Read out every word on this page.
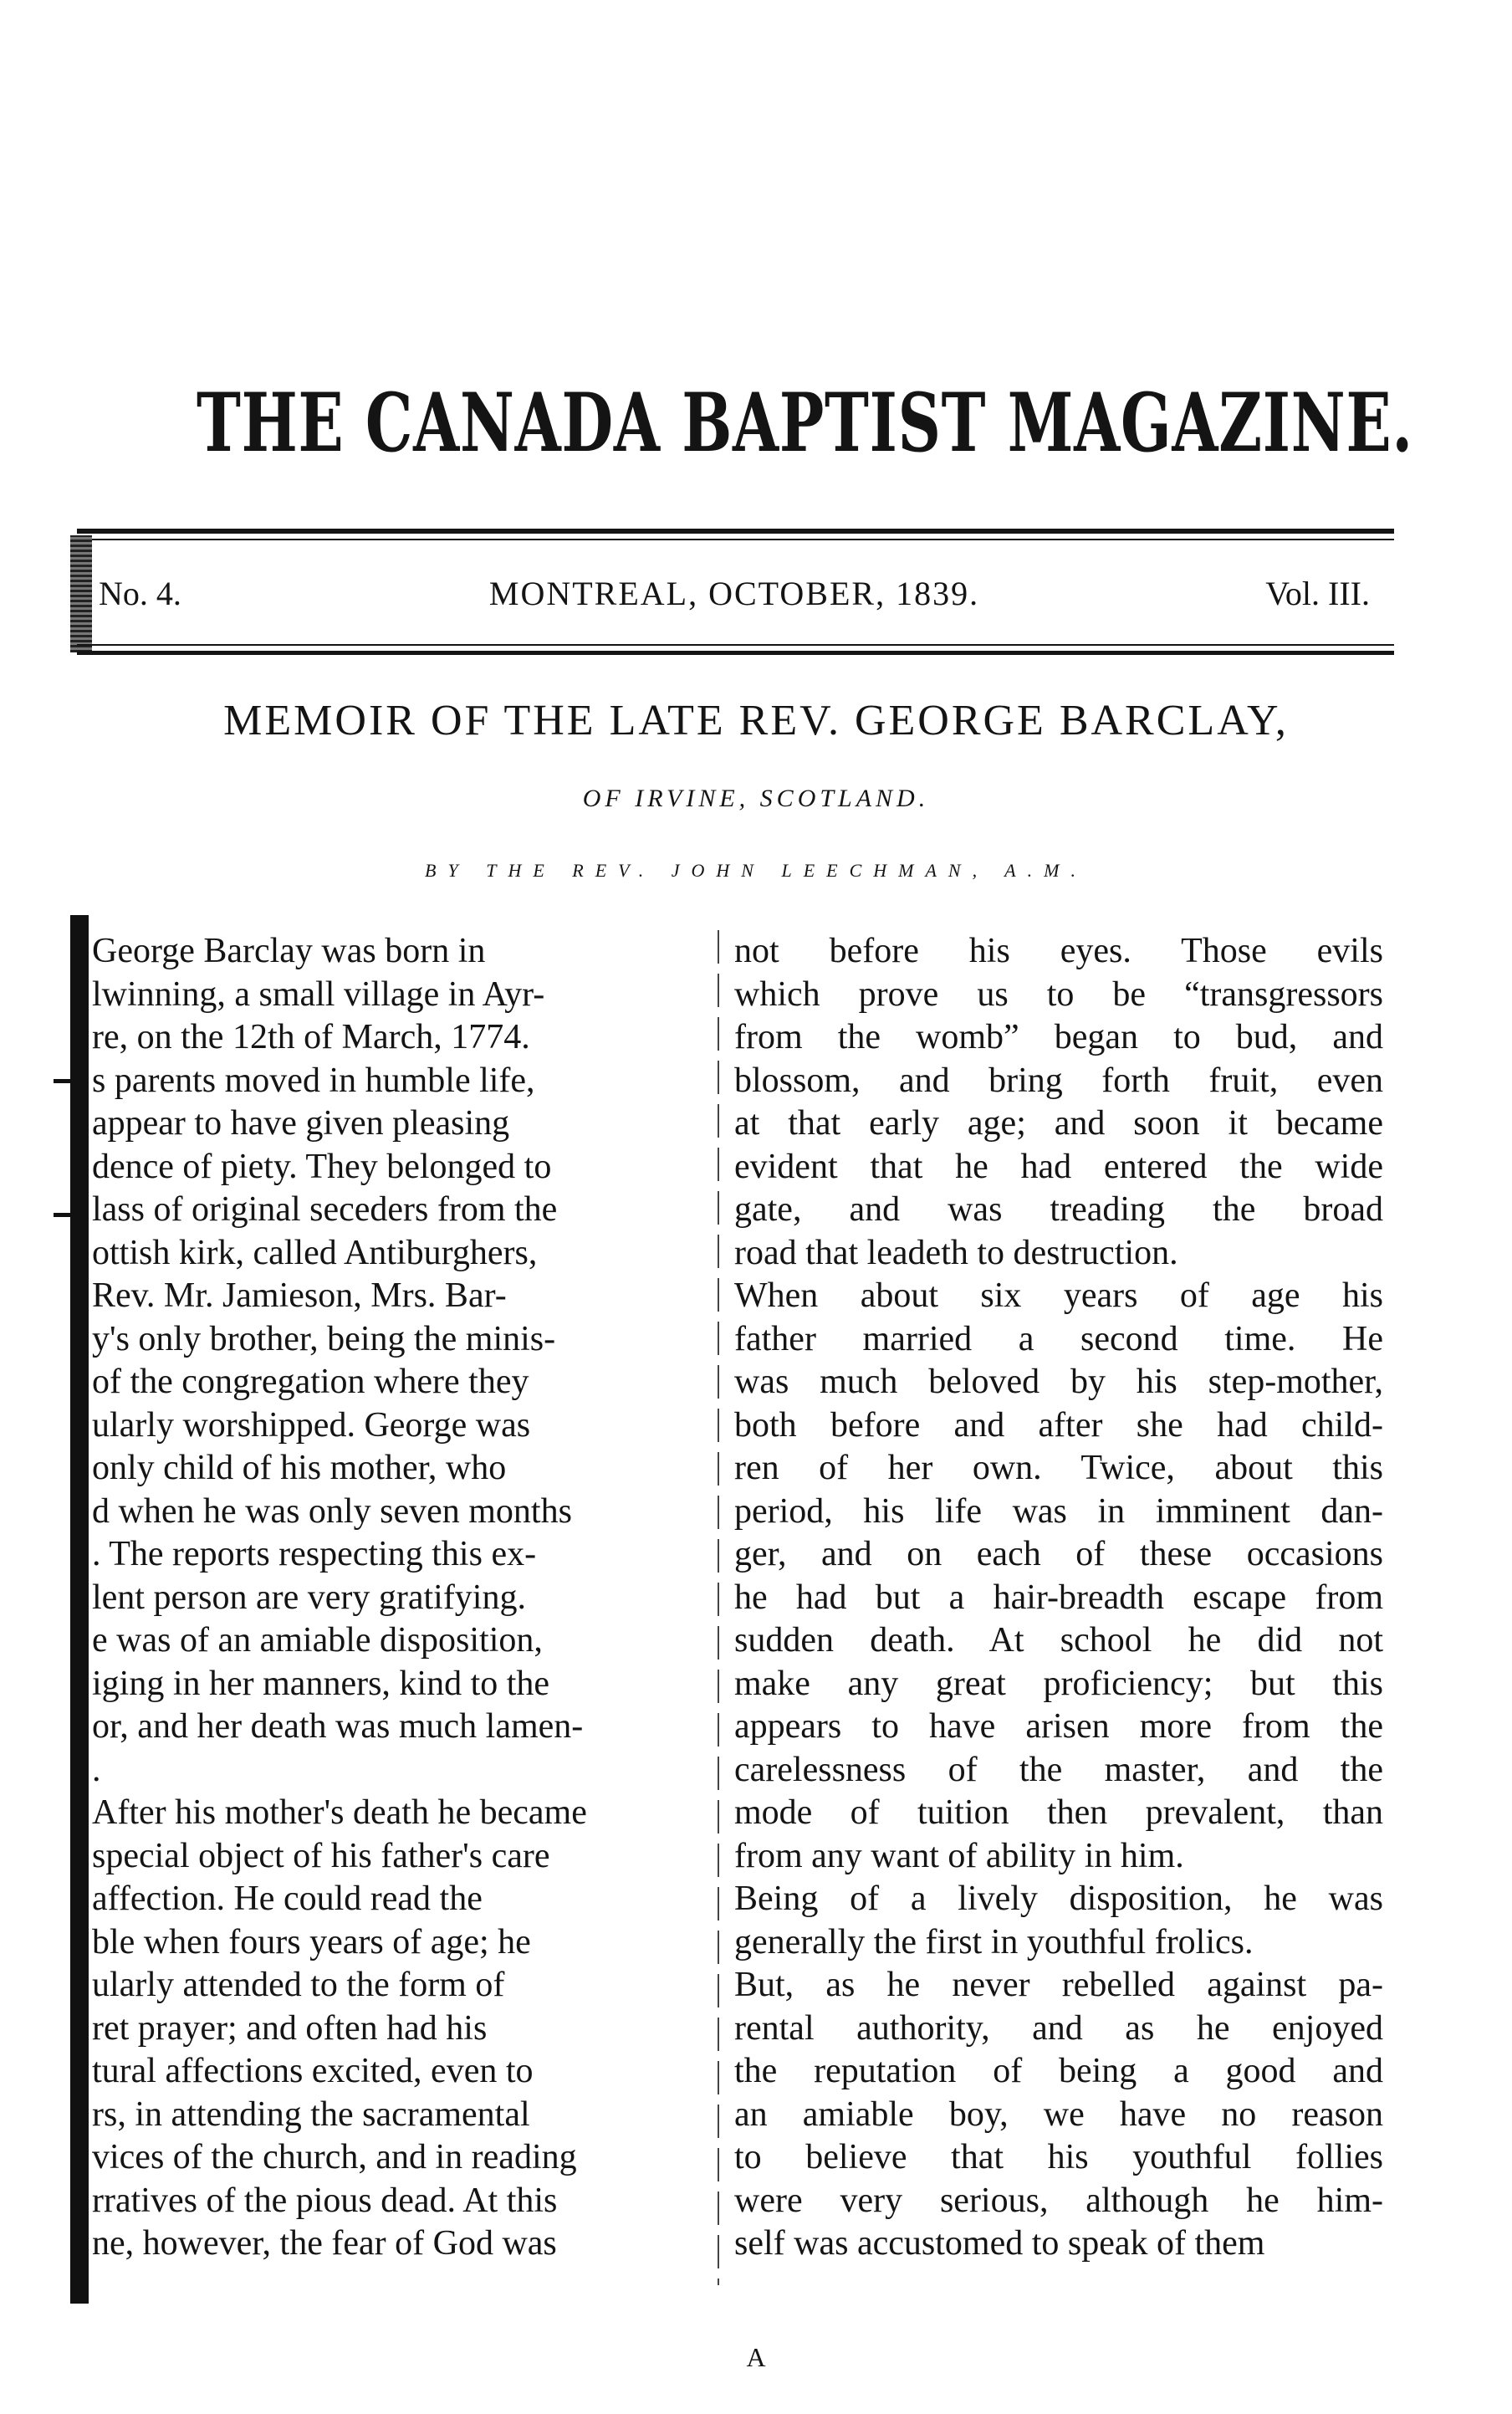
THE CANADA BAPTIST MAGAZINE.
No. 4.	MONTREAL, OCTOBER, 1839.	Vol. III.
MEMOIR OF THE LATE REV. GEORGE BARCLAY,
OF IRVINE, SCOTLAND.
BY THE REV. JOHN LEECHMAN, A.M.
George Barclay was born in
lwinning, a small village in Ayr-
re, on the 12th of March, 1774.
s parents moved in humble life,
appear to have given pleasing
dence of piety. They belonged to
lass of original seceders from the
ottish kirk, called Antiburghers,
Rev. Mr. Jamieson, Mrs. Bar-
y's only brother, being the minis-
of the congregation where they
ularly worshipped. George was
only child of his mother, who
d when he was only seven months
. The reports respecting this ex-
lent person are very gratifying.
e was of an amiable disposition,
iging in her manners, kind to the
or, and her death was much lamen-
.
After his mother's death he became
special object of his father's care
affection. He could read the
ble when fours years of age; he
ularly attended to the form of
ret prayer; and often had his
tural affections excited, even to
rs, in attending the sacramental
vices of the church, and in reading
rratives of the pious dead. At this
ne, however, the fear of God was
not before his eyes. Those evils
which prove us to be “transgressors
from the womb” began to bud, and
blossom, and bring forth fruit, even
at that early age; and soon it became
evident that he had entered the wide
gate, and was treading the broad
road that leadeth to destruction.
When about six years of age his
father married a second time. He
was much beloved by his step-mother,
both before and after she had child-
ren of her own. Twice, about this
period, his life was in imminent dan-
ger, and on each of these occasions
he had but a hair-breadth escape from
sudden death. At school he did not
make any great proficiency; but this
appears to have arisen more from the
carelessness of the master, and the
mode of tuition then prevalent, than
from any want of ability in him.
Being of a lively disposition, he was
generally the first in youthful frolics.
But, as he never rebelled against pa-
rental authority, and as he enjoyed
the reputation of being a good and
an amiable boy, we have no reason
to believe that his youthful follies
were very serious, although he him-
self was accustomed to speak of them
A
